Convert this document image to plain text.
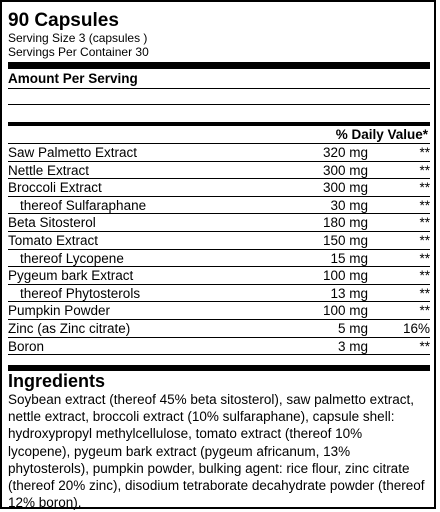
90 Capsules
Serving Size 3 (capsules )
Servings Per Container 30
Amount Per Serving
% Daily Value*
Saw Palmetto Extract	320 mg	**
Nettle Extract	300 mg	**
Broccoli Extract	300 mg	**
thereof Sulfaraphane	30 mg	**
Beta Sitosterol	180 mg	**
Tomato Extract	150 mg	**
thereof Lycopene	15 mg	**
Pygeum bark Extract	100 mg	**
thereof Phytosterols	13 mg	**
Pumpkin Powder	100 mg	**
Zinc (as Zinc citrate)	5 mg	16%
Boron	3 mg	**
Ingredients
Soybean extract (thereof 45% beta sitosterol), saw palmetto extract, nettle extract, broccoli extract (10% sulfaraphane), capsule shell: hydroxypropyl methylcellulose, tomato extract (thereof 10% lycopene), pygeum bark extract (pygeum africanum, 13% phytosterols), pumpkin powder, bulking agent: rice flour, zinc citrate (thereof 20% zinc), disodium tetraborate decahydrate powder (thereof 12% boron).
